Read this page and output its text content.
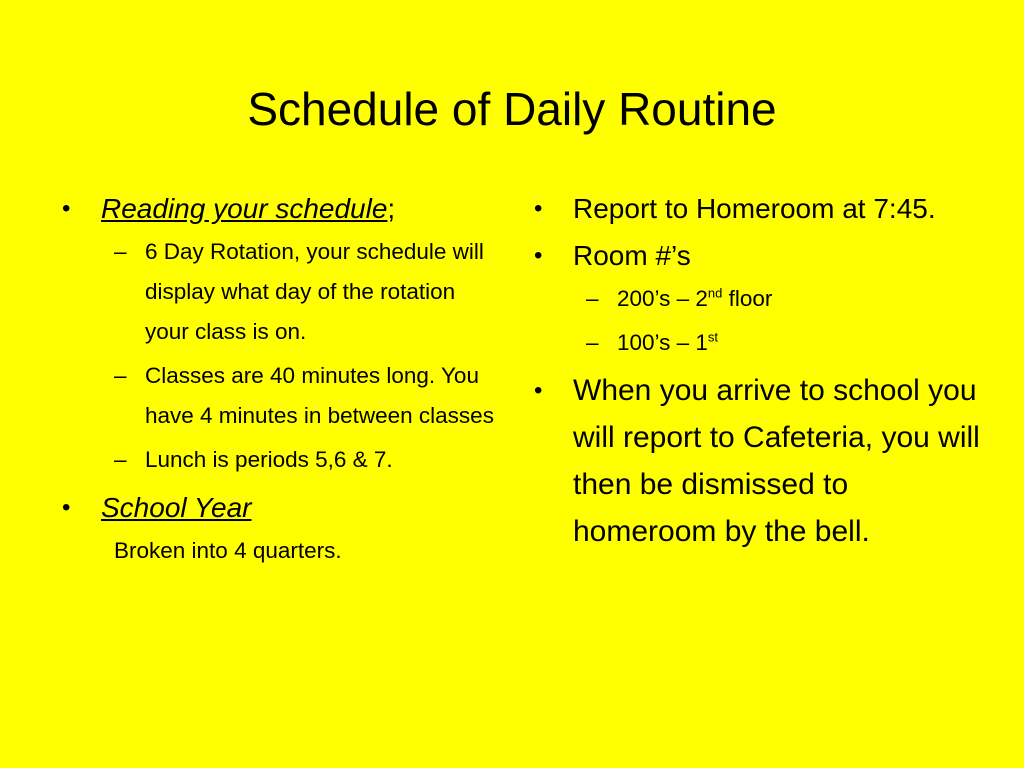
Schedule of Daily Routine
• Reading your schedule;
– 6 Day Rotation, your schedule will display what day of the rotation your class is on.
– Classes are 40 minutes long. You have 4 minutes in between classes
– Lunch is periods 5,6 & 7.
• School Year
Broken into 4 quarters.
• Report to Homeroom at 7:45.
• Room #’s
– 200’s – 2nd floor
– 100’s – 1st
• When you arrive to school you will report to Cafeteria, you will then be dismissed to homeroom by the bell.
